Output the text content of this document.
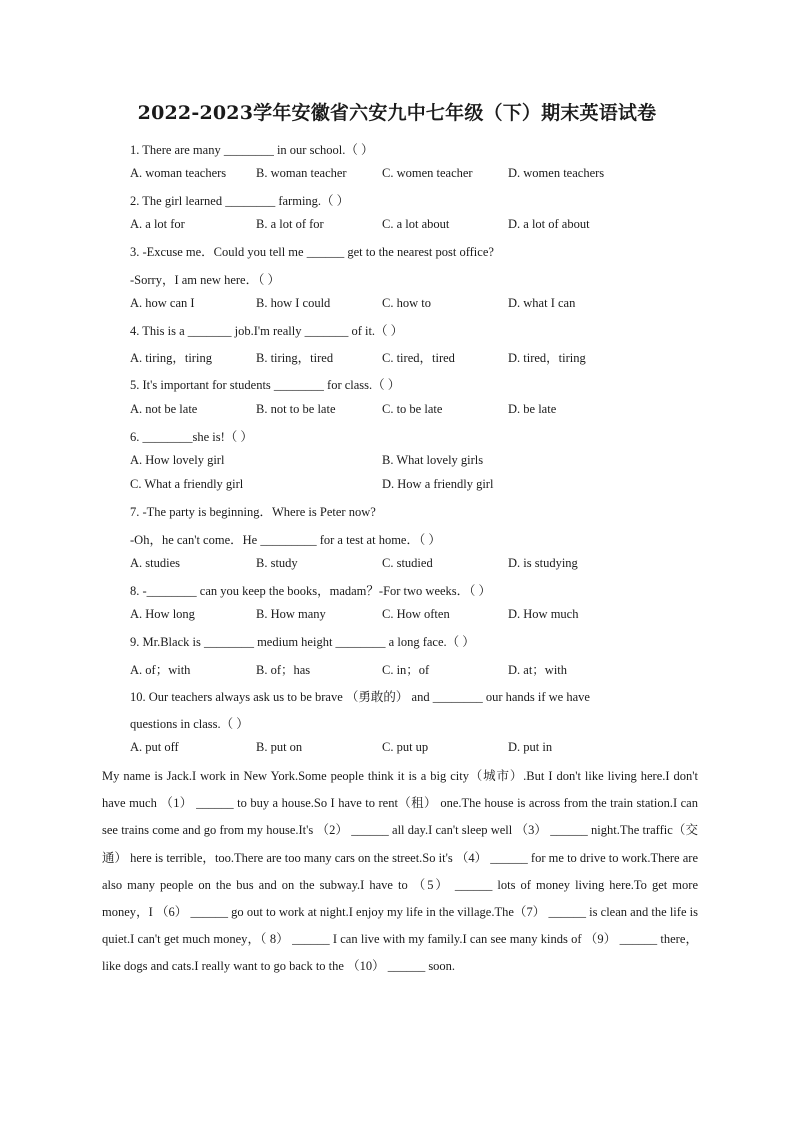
2022-2023学年安徽省六安九中七年级（下）期末英语试卷
1. There are many ________ in our school.（ ）
A. woman teachers B. woman teacher	C. women teacher	D. women teachers
2. The girl learned ________ farming.（ ）
A. a lot for	B. a lot of for	C. a lot about	D. a lot of about
3. -Excuse me．Could you tell me ______ get to the nearest post office?
-Sorry，I am new here．（ ）
A. how can I	B. how I could	C. how to	D. what I can
4. This is a _______ job.I'm really _______ of it.（ ）
A. tiring，tiring	B. tiring，tired	C. tired，tired	D. tired，tiring
5. It's important for students ________ for class.（ ）
A. not be late	B. not to be late	C. to be late	D. be late
6. ________she is!（ ）
A. How lovely girl	B. What lovely girls
C. What a friendly girl	D. How a friendly girl
7. -The party is beginning．Where is Peter now?
-Oh，he can't come．He _________ for a test at home．（ ）
A. studies	B. study	C. studied	D. is studying
8. -________ can you keep the books，madam？-For two weeks．（ ）
A. How long	B. How many	C. How often	D. How much
9. Mr.Black is ________ medium height ________ a long face.（ ）
A. of；with	B. of；has	C. in；of	D. at；with
10. Our teachers always ask us to be brave （勇敢的） and ________ our hands if we have
questions in class.（ ）
A. put off	B. put on	C. put up	D. put in

My name is Jack.I work in New York.Some people think it is a big city（城市）.But I don't like living here.I don't have much （1） ______ to buy a house.So I have to rent（租） one.The house is across from the train station.I can see trains come and go from my house.It's （2） ______ all day.I can't sleep well （3） ______ night.The traffic（交通） here is terrible，too.There are too many cars on the street.So it's （4） ______ for me to drive to work.There are also many people on the bus and on the subway.I have to （5） ______ lots of money living here.To get more money，I （6） ______ go out to work at night.I enjoy my life in the village.The（7） ______ is clean and the life is quiet.I can't get much money，（ 8） ______ I can live with my family.I can see many kinds of （9） ______ there，like dogs and cats.I really want to go back to the （10） ______ soon.
